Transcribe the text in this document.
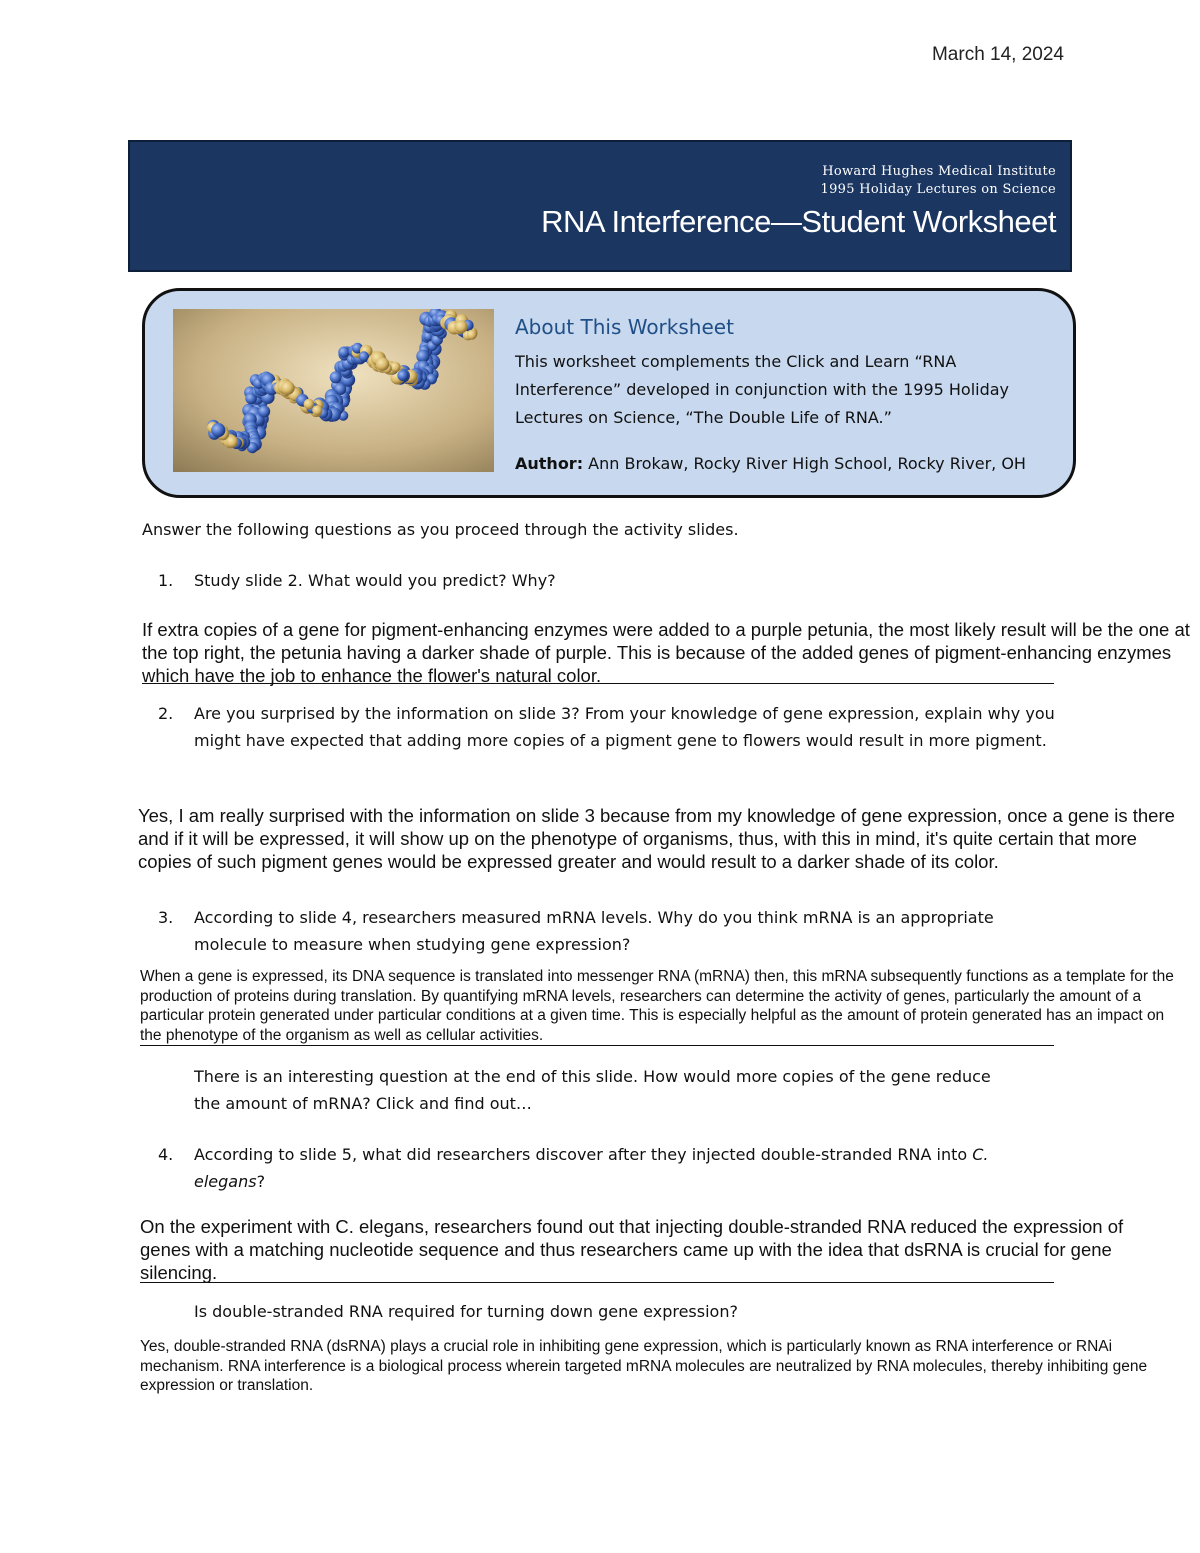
March 14, 2024
Howard Hughes Medical Institute
1995 Holiday Lectures on Science
RNA Interference—Student Worksheet
About This Worksheet
This worksheet complements the Click and Learn “RNA Interference” developed in conjunction with the 1995 Holiday Lectures on Science, “The Double Life of RNA.”
Author: Ann Brokaw, Rocky River High School, Rocky River, OH

Answer the following questions as you proceed through the activity slides.

1.	Study slide 2. What would you predict? Why?

If extra copies of a gene for pigment-enhancing enzymes were added to a purple petunia, the most likely result will be the one at the top right, the petunia having a darker shade of purple. This is because of the added genes of pigment-enhancing enzymes which have the job to enhance the flower's natural color.

2.	Are you surprised by the information on slide 3? From your knowledge of gene expression, explain why you might have expected that adding more copies of a pigment gene to flowers would result in more pigment.

Yes, I am really surprised with the information on slide 3 because from my knowledge of gene expression, once a gene is there and if it will be expressed, it will show up on the phenotype of organisms, thus, with this in mind, it's quite certain that more copies of such pigment genes would be expressed greater and would result to a darker shade of its color.

3.	According to slide 4, researchers measured mRNA levels. Why do you think mRNA is an appropriate molecule to measure when studying gene expression?

When a gene is expressed, its DNA sequence is translated into messenger RNA (mRNA) then, this mRNA subsequently functions as a template for the production of proteins during translation. By quantifying mRNA levels, researchers can determine the activity of genes, particularly the amount of a particular protein generated under particular conditions at a given time. This is especially helpful as the amount of protein generated has an impact on the phenotype of the organism as well as cellular activities.

There is an interesting question at the end of this slide. How would more copies of the gene reduce the amount of mRNA? Click and find out…

4.	According to slide 5, what did researchers discover after they injected double-stranded RNA into C. elegans?

On the experiment with C. elegans, researchers found out that injecting double-stranded RNA reduced the expression of genes with a matching nucleotide sequence and thus researchers came up with the idea that dsRNA is crucial for gene silencing.

Is double-stranded RNA required for turning down gene expression?

Yes, double-stranded RNA (dsRNA) plays a crucial role in inhibiting gene expression, which is particularly known as RNA interference or RNAi mechanism. RNA interference is a biological process wherein targeted mRNA molecules are neutralized by RNA molecules, thereby inhibiting gene expression or translation.
